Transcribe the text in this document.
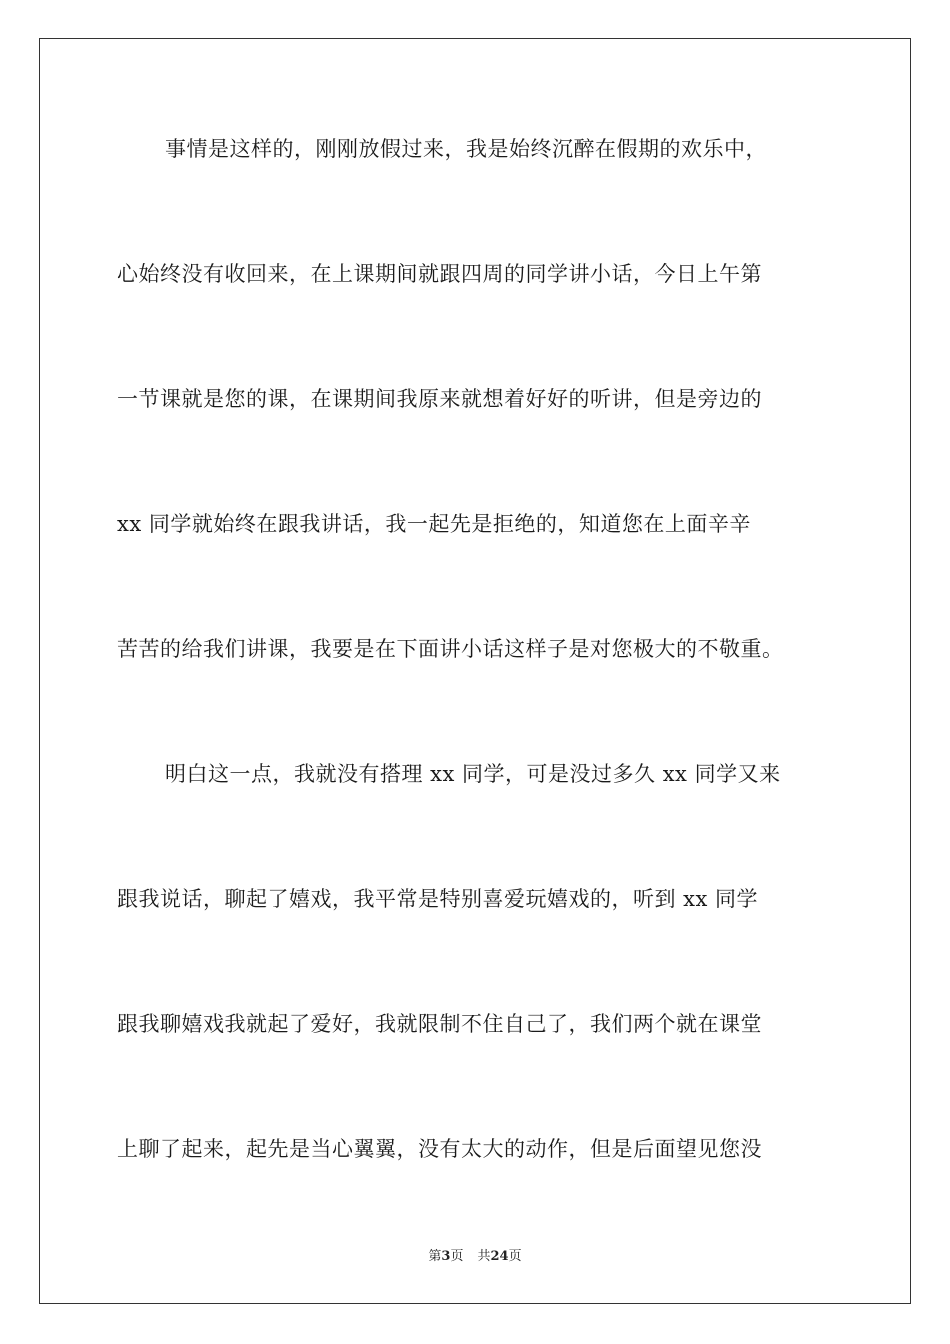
事情是这样的，刚刚放假过来，我是始终沉醉在假期的欢乐中，
心始终没有收回来，在上课期间就跟四周的同学讲小话，今日上午第
一节课就是您的课，在课期间我原来就想着好好的听讲，但是旁边的
xx 同学就始终在跟我讲话，我一起先是拒绝的，知道您在上面辛辛
苦苦的给我们讲课，我要是在下面讲小话这样子是对您极大的不敬重。
明白这一点，我就没有搭理 xx 同学，可是没过多久 xx 同学又来
跟我说话，聊起了嬉戏，我平常是特别喜爱玩嬉戏的，听到 xx 同学
跟我聊嬉戏我就起了爱好，我就限制不住自己了，我们两个就在课堂
上聊了起来，起先是当心翼翼，没有太大的动作，但是后面望见您没
第3页 共24页
